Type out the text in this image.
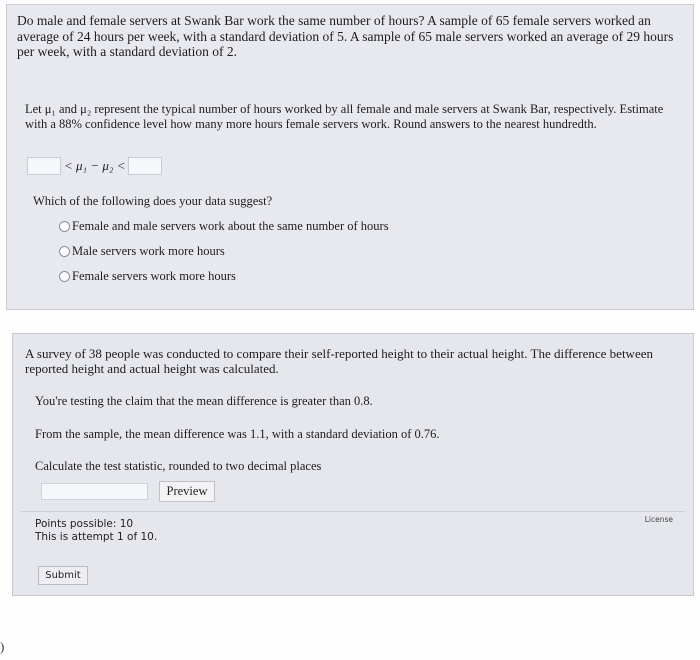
Do male and female servers at Swank Bar work the same number of hours? A sample of 65 female servers worked an average of 24 hours per week, with a standard deviation of 5. A sample of 65 male servers worked an average of 29 hours per week, with a standard deviation of 2.
Let μ₁ and μ₂ represent the typical number of hours worked by all female and male servers at Swank Bar, respectively. Estimate with a 88% confidence level how many more hours female servers work. Round answers to the nearest hundredth.
< μ₁ − μ₂ <
Which of the following does your data suggest?
Female and male servers work about the same number of hours
Male servers work more hours
Female servers work more hours
A survey of 38 people was conducted to compare their self-reported height to their actual height. The difference between reported height and actual height was calculated.
You're testing the claim that the mean difference is greater than 0.8.
From the sample, the mean difference was 1.1, with a standard deviation of 0.76.
Calculate the test statistic, rounded to two decimal places
Preview
Points possible: 10
This is attempt 1 of 10.
License
Submit
)
